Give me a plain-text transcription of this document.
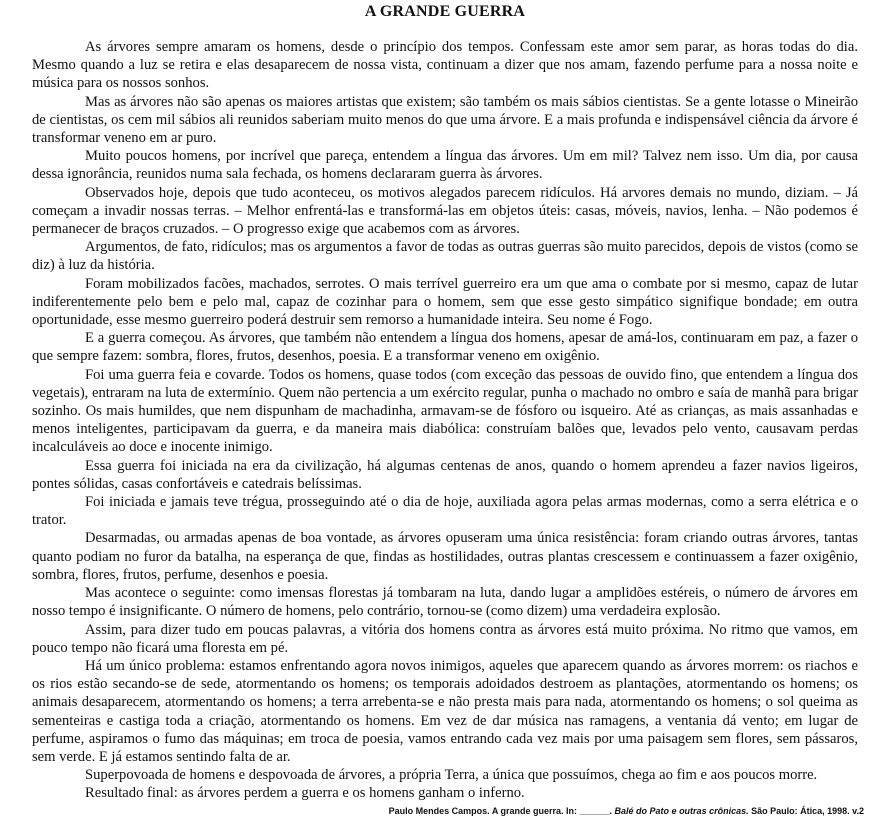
A GRANDE GUERRA

As árvores sempre amaram os homens, desde o princípio dos tempos. Confessam este amor sem parar, as horas todas do dia. Mesmo quando a luz se retira e elas desaparecem de nossa vista, continuam a dizer que nos amam, fazendo perfume para a nossa noite e música para os nossos sonhos.

Mas as árvores não são apenas os maiores artistas que existem; são também os mais sábios cientistas. Se a gente lotasse o Mineirão de cientistas, os cem mil sábios ali reunidos saberiam muito menos do que uma árvore. E a mais profunda e indispensável ciência da árvore é transformar veneno em ar puro.

Muito poucos homens, por incrível que pareça, entendem a língua das árvores. Um em mil? Talvez nem isso. Um dia, por causa dessa ignorância, reunidos numa sala fechada, os homens declararam guerra às árvores.

Observados hoje, depois que tudo aconteceu, os motivos alegados parecem ridículos. Há arvores demais no mundo, diziam. – Já começam a invadir nossas terras. – Melhor enfrentá-las e transformá-las em objetos úteis: casas, móveis, navios, lenha. – Não podemos é permanecer de braços cruzados. – O progresso exige que acabemos com as árvores.

Argumentos, de fato, ridículos; mas os argumentos a favor de todas as outras guerras são muito parecidos, depois de vistos (como se diz) à luz da história.

Foram mobilizados facões, machados, serrotes. O mais terrível guerreiro era um que ama o combate por si mesmo, capaz de lutar indiferentemente pelo bem e pelo mal, capaz de cozinhar para o homem, sem que esse gesto simpático signifique bondade; em outra oportunidade, esse mesmo guerreiro poderá destruir sem remorso a humanidade inteira. Seu nome é Fogo.

E a guerra começou. As árvores, que também não entendem a língua dos homens, apesar de amá-los, continuaram em paz, a fazer o que sempre fazem: sombra, flores, frutos, desenhos, poesia. E a transformar veneno em oxigênio.

Foi uma guerra feia e covarde. Todos os homens, quase todos (com exceção das pessoas de ouvido fino, que entendem a língua dos vegetais), entraram na luta de extermínio. Quem não pertencia a um exército regular, punha o machado no ombro e saía de manhã para brigar sozinho. Os mais humildes, que nem dispunham de machadinha, armavam-se de fósforo ou isqueiro. Até as crianças, as mais assanhadas e menos inteligentes, participavam da guerra, e da maneira mais diabólica: construíam balões que, levados pelo vento, causavam perdas incalculáveis ao doce e inocente inimigo.

Essa guerra foi iniciada na era da civilização, há algumas centenas de anos, quando o homem aprendeu a fazer navios ligeiros, pontes sólidas, casas confortáveis e catedrais belíssimas.

Foi iniciada e jamais teve trégua, prosseguindo até o dia de hoje, auxiliada agora pelas armas modernas, como a serra elétrica e o trator.

Desarmadas, ou armadas apenas de boa vontade, as árvores opuseram uma única resistência: foram criando outras árvores, tantas quanto podiam no furor da batalha, na esperança de que, findas as hostilidades, outras plantas crescessem e continuassem a fazer oxigênio, sombra, flores, frutos, perfume, desenhos e poesia.

Mas acontece o seguinte: como imensas florestas já tombaram na luta, dando lugar a amplidões estéreis, o número de árvores em nosso tempo é insignificante. O número de homens, pelo contrário, tornou-se (como dizem) uma verdadeira explosão.

Assim, para dizer tudo em poucas palavras, a vitória dos homens contra as árvores está muito próxima. No ritmo que vamos, em pouco tempo não ficará uma floresta em pé.

Há um único problema: estamos enfrentando agora novos inimigos, aqueles que aparecem quando as árvores morrem: os riachos e os rios estão secando-se de sede, atormentando os homens; os temporais adoidados destroem as plantações, atormentando os homens; os animais desaparecem, atormentando os homens; a terra arrebenta-se e não presta mais para nada, atormentando os homens; o sol queima as sementeiras e castiga toda a criação, atormentando os homens. Em vez de dar música nas ramagens, a ventania dá vento; em lugar de perfume, aspiramos o fumo das máquinas; em troca de poesia, vamos entrando cada vez mais por uma paisagem sem flores, sem pássaros, sem verde. E já estamos sentindo falta de ar.

Superpovoada de homens e despovoada de árvores, a própria Terra, a única que possuímos, chega ao fim e aos poucos morre.

Resultado final: as árvores perdem a guerra e os homens ganham o inferno.

Paulo Mendes Campos. A grande guerra. In: ______. Balé do Pato e outras crônicas. São Paulo: Ática, 1998. v.2
